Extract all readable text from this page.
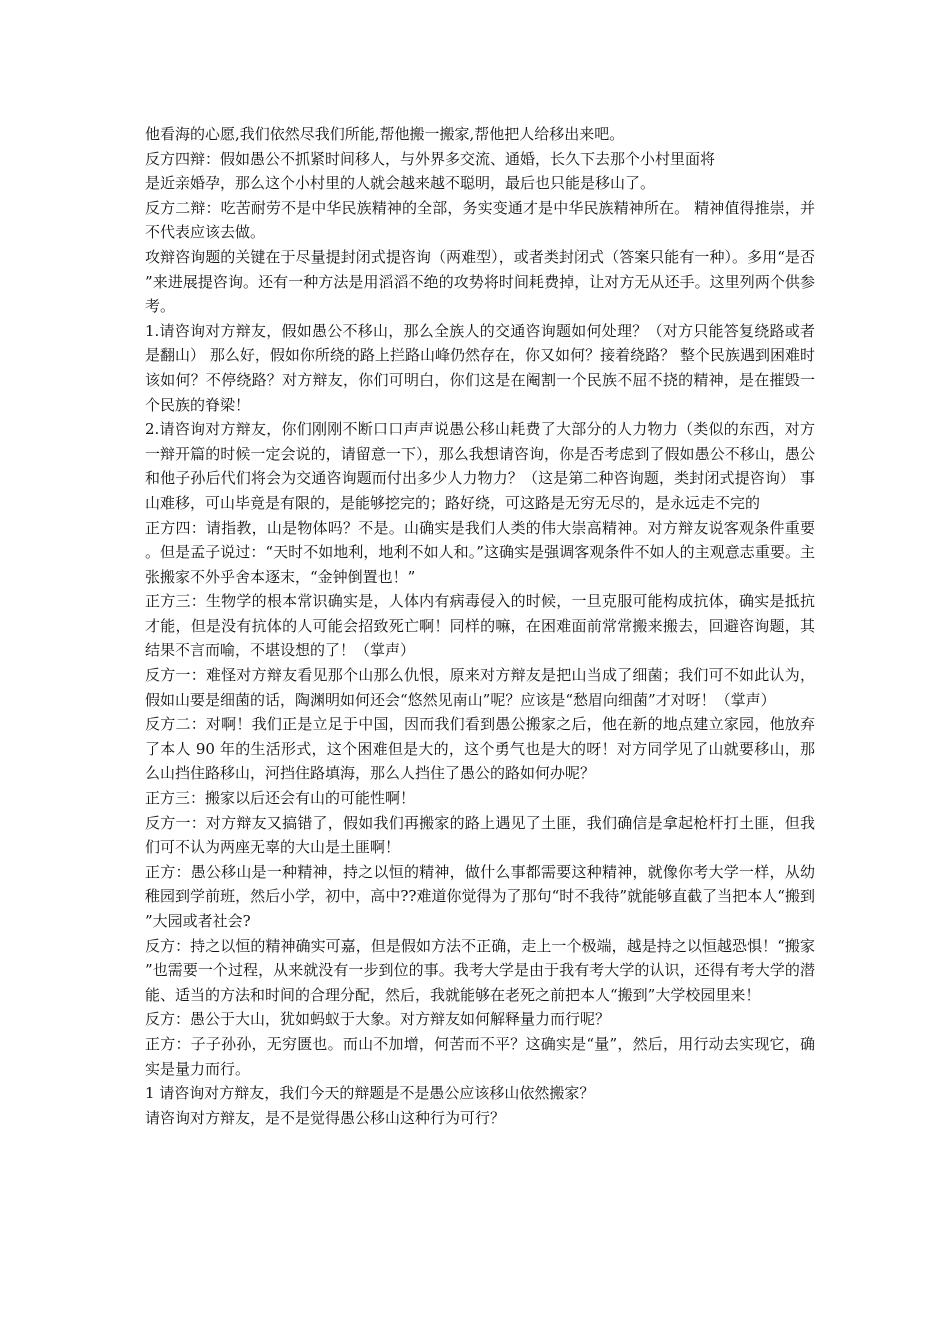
他看海的心愿,我们依然尽我们所能,帮他搬一搬家,帮他把人给移出来吧。

反方四辩：假如愚公不抓紧时间移人，与外界多交流、通婚，长久下去那个小村里面将

是近亲婚孕，那么这个小村里的人就会越来越不聪明，最后也只能是移山了。

反方二辩：吃苦耐劳不是中华民族精神的全部，务实变通才是中华民族精神所在。 精神值得推崇，并不代表应该去做。

攻辩咨询题的关键在于尽量提封闭式提咨询（两难型），或者类封闭式（答案只能有一种）。多用“是否”来进展提咨询。还有一种方法是用滔滔不绝的攻势将时间耗费掉，让对方无从还手。这里列两个供参考。

1.请咨询对方辩友，假如愚公不移山，那么全族人的交通咨询题如何处理？（对方只能答复绕路或者是翻山） 那么好，假如你所绕的路上拦路山峰仍然存在，你又如何？接着绕路？ 整个民族遇到困难时该如何？不停绕路？对方辩友，你们可明白，你们这是在阉割一个民族不屈不挠的精神，是在摧毁一个民族的脊梁！

2.请咨询对方辩友，你们刚刚不断口口声声说愚公移山耗费了大部分的人力物力（类似的东西，对方一辩开篇的时候一定会说的，请留意一下），那么我想请咨询，你是否考虑到了假如愚公不移山，愚公和他子孙后代们将会为交通咨询题而付出多少人力物力？（这是第二种咨询题，类封闭式提咨询） 事山难移，可山毕竟是有限的，是能够挖完的；路好绕，可这路是无穷无尽的，是永远走不完的

正方四：请指教，山是物体吗？不是。山确实是我们人类的伟大崇高精神。对方辩友说客观条件重要。但是孟子说过：“天时不如地利，地利不如人和。”这确实是强调客观条件不如人的主观意志重要。主张搬家不外乎舍本逐末，“金钟倒置也！”

正方三：生物学的根本常识确实是，人体内有病毒侵入的时候，一旦克服可能构成抗体，确实是抵抗才能，但是没有抗体的人可能会招致死亡啊！同样的嘛，在困难面前常常搬来搬去，回避咨询题，其结果不言而喻，不堪设想的了！（掌声）

反方一：难怪对方辩友看见那个山那么仇恨，原来对方辩友是把山当成了细菌；我们可不如此认为，假如山要是细菌的话，陶渊明如何还会“悠然见南山”呢？应该是“愁眉向细菌”才对呀！（掌声）

反方二：对啊！我们正是立足于中国，因而我们看到愚公搬家之后，他在新的地点建立家园，他放弃了本人 90 年的生活形式，这个困难但是大的，这个勇气也是大的呀！对方同学见了山就要移山，那么山挡住路移山，河挡住路填海，那么人挡住了愚公的路如何办呢？

正方三：搬家以后还会有山的可能性啊！

反方一：对方辩友又搞错了，假如我们再搬家的路上遇见了土匪，我们确信是拿起枪杆打土匪，但我们可不认为两座无辜的大山是土匪啊！

正方：愚公移山是一种精神，持之以恒的精神，做什么事都需要这种精神，就像你考大学一样，从幼稚园到学前班，然后小学，初中，高中??难道你觉得为了那句“时不我待”就能够直截了当把本人“搬到”大园或者社会?

反方：持之以恒的精神确实可嘉，但是假如方法不正确，走上一个极端，越是持之以恒越恐惧！“搬家”也需要一个过程，从来就没有一步到位的事。我考大学是由于我有考大学的认识，还得有考大学的潜能、适当的方法和时间的合理分配，然后，我就能够在老死之前把本人“搬到”大学校园里来！

反方：愚公于大山，犹如蚂蚁于大象。对方辩友如何解释量力而行呢？

正方：子子孙孙，无穷匮也。而山不加增，何苦而不平？这确实是“量”，然后，用行动去实现它，确实是量力而行。

1 请咨询对方辩友，我们今天的辩题是不是愚公应该移山依然搬家？

请咨询对方辩友，是不是觉得愚公移山这种行为可行？
